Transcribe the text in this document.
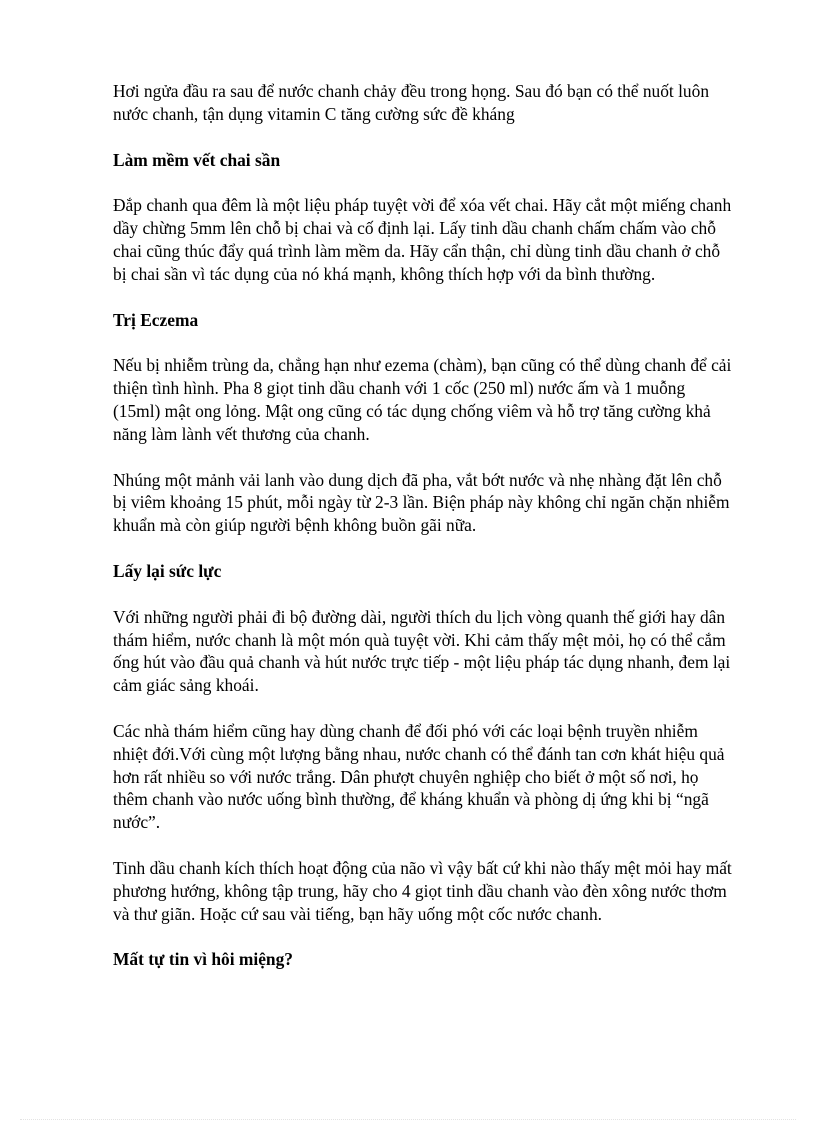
Hơi ngửa đầu ra sau để nước chanh chảy đều trong họng. Sau đó bạn có thể nuốt luôn nước chanh, tận dụng vitamin C tăng cường sức đề kháng

Làm mềm vết chai sần

Đắp chanh qua đêm là một liệu pháp tuyệt vời để xóa vết chai. Hãy cắt một miếng chanh dầy chừng 5mm lên chỗ bị chai và cố định lại. Lấy tinh dầu chanh chấm chấm vào chỗ chai cũng thúc đẩy quá trình làm mềm da. Hãy cẩn thận, chỉ dùng tinh dầu chanh ở chỗ bị chai sần vì tác dụng của nó khá mạnh, không thích hợp với da bình thường.

Trị Eczema

Nếu bị nhiễm trùng da, chẳng hạn như ezema (chàm), bạn cũng có thể dùng chanh để cải thiện tình hình. Pha 8 giọt tinh dầu chanh với 1 cốc (250 ml) nước ấm và 1 muỗng (15ml) mật ong lỏng. Mật ong cũng có tác dụng chống viêm và hỗ trợ tăng cường khả năng làm lành vết thương của chanh.

Nhúng một mảnh vải lanh vào dung dịch đã pha, vắt bớt nước và nhẹ nhàng đặt lên chỗ bị viêm khoảng 15 phút, mỗi ngày từ 2-3 lần. Biện pháp này không chỉ ngăn chặn nhiễm khuẩn mà còn giúp người bệnh không buồn gãi nữa.

Lấy lại sức lực

Với những người phải đi bộ đường dài, người thích du lịch vòng quanh thế giới hay dân thám hiểm, nước chanh là một món quà tuyệt vời. Khi cảm thấy mệt mỏi, họ có thể cắm ống hút vào đầu quả chanh và hút nước trực tiếp - một liệu pháp tác dụng nhanh, đem lại cảm giác sảng khoái.

Các nhà thám hiểm cũng hay dùng chanh để đối phó với các loại bệnh truyền nhiễm nhiệt đới.Với cùng một lượng bằng nhau, nước chanh có thể đánh tan cơn khát hiệu quả hơn rất nhiều so với nước trắng. Dân phượt chuyên nghiệp cho biết ở một số nơi, họ thêm chanh vào nước uống bình thường, để kháng khuẩn và phòng dị ứng khi bị “ngã nước”.

Tinh dầu chanh kích thích hoạt động của não vì vậy bất cứ khi nào thấy mệt mỏi hay mất phương hướng, không tập trung, hãy cho 4 giọt tinh dầu chanh vào đèn xông nước thơm và thư giãn. Hoặc cứ sau vài tiếng, bạn hãy uống một cốc nước chanh.

Mất tự tin vì hôi miệng?
